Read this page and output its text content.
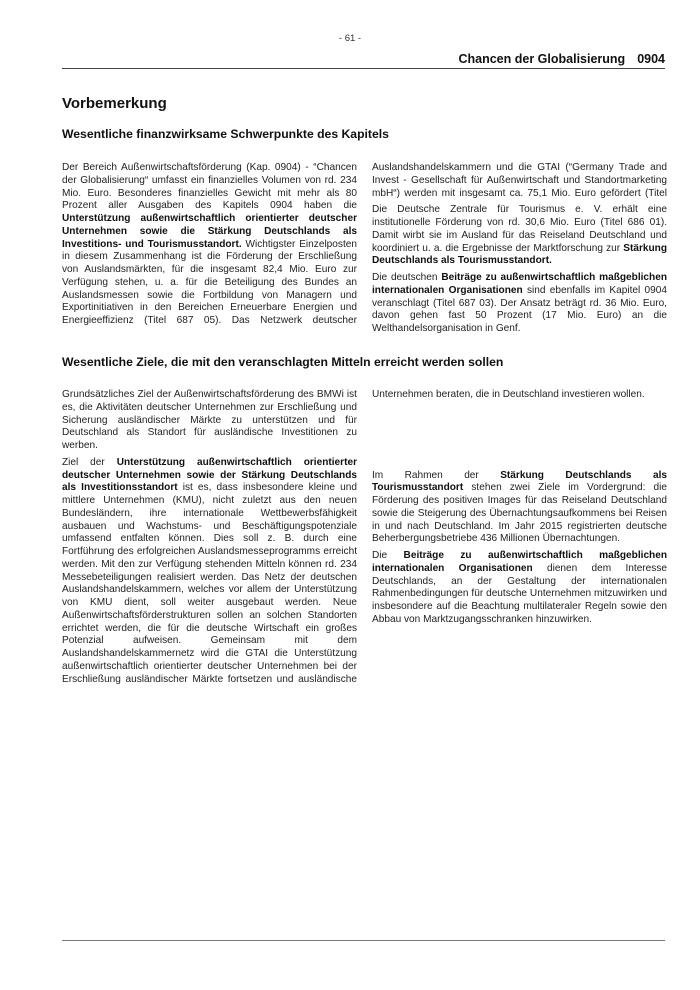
- 61 -
Chancen der Globalisierung 0904
Vorbemerkung
Wesentliche finanzwirksame Schwerpunkte des Kapitels

Der Bereich Außenwirtschaftsförderung (Kap. 0904) - “Chancen der Globalisierung“ umfasst ein finanzielles Volumen von rd. 234 Mio. Euro. Besonderes finanzielles Gewicht mit mehr als 80 Prozent aller Ausgaben des Kapitels 0904 haben die Unterstützung außenwirtschaftlich orientierter deutscher Unternehmen sowie die Stärkung Deutschlands als Investitions- und Tourismusstandort. Wichtigster Einzelposten in diesem Zusammenhang ist die Förderung der Erschließung von Auslandsmärkten, für die insgesamt 82,4 Mio. Euro zur Verfügung stehen, u. a. für die Beteiligung des Bundes an Auslandsmessen sowie die Fortbildung von Managern und Exportinitiativen in den Bereichen Erneuerbare Energien und Energieeffizienz (Titel 687 05). Das Netzwerk deutscher

Auslandshandelskammern und die GTAI (“Germany Trade and Invest - Gesellschaft für Außenwirtschaft und Standortmarketing mbH“) werden mit insgesamt ca. 75,1 Mio. Euro gefördert (Titel

Die Deutsche Zentrale für Tourismus e. V. erhält eine institutionelle Förderung von rd. 30,6 Mio. Euro (Titel 686 01). Damit wirbt sie im Ausland für das Reiseland Deutschland und koordiniert u. a. die Ergebnisse der Marktforschung zur Stärkung Deutschlands als Tourismusstandort.

Die deutschen Beiträge zu außenwirtschaftlich maßgeblichen internationalen Organisationen sind ebenfalls im Kapitel 0904 veranschlagt (Titel 687 03). Der Ansatz beträgt rd. 36 Mio. Euro, davon gehen fast 50 Prozent (17 Mio. Euro) an die Welthandelsorganisation in Genf.

Wesentliche Ziele, die mit den veranschlagten Mitteln erreicht werden sollen

Grundsätzliches Ziel der Außenwirtschaftsförderung des BMWi ist es, die Aktivitäten deutscher Unternehmen zur Erschließung und Sicherung ausländischer Märkte zu unterstützen und für Deutschland als Standort für ausländische Investitionen zu werben.

Ziel der Unterstützung außenwirtschaftlich orientierter deutscher Unternehmen sowie der Stärkung Deutschlands als Investitionsstandort ist es, dass insbesondere kleine und mittlere Unternehmen (KMU), nicht zuletzt aus den neuen Bundesländern, ihre internationale Wettbewerbsfähigkeit ausbauen und Wachstums- und Beschäftigungspotenziale umfassend entfalten können. Dies soll z. B. durch eine Fortführung des erfolgreichen Auslandsmesseprogramms erreicht werden. Mit den zur Verfügung stehenden Mitteln können rd. 234 Messebeteiligungen realisiert werden. Das Netz der deutschen Auslandshandelskammern, welches vor allem der Unterstützung von KMU dient, soll weiter ausgebaut werden. Neue Außenwirtschaftsförderstrukturen sollen an solchen Standorten errichtet werden, die für die deutsche Wirtschaft ein großes Potenzial aufweisen. Gemeinsam mit dem Auslandshandelskammernetz wird die GTAI die Unterstützung außenwirtschaftlich orientierter deutscher Unternehmen bei der Erschließung ausländischer Märkte fortsetzen und ausländische

Unternehmen beraten, die in Deutschland investieren wollen.

Im Rahmen der Stärkung Deutschlands als Tourismusstandort stehen zwei Ziele im Vordergrund: die Förderung des positiven Images für das Reiseland Deutschland sowie die Steigerung des Übernachtungsaufkommens bei Reisen in und nach Deutschland. Im Jahr 2015 registrierten deutsche Beherbergungsbetriebe 436 Millionen Übernachtungen.

Die Beiträge zu außenwirtschaftlich maßgeblichen internationalen Organisationen dienen dem Interesse Deutschlands, an der Gestaltung der internationalen Rahmenbedingungen für deutsche Unternehmen mitzuwirken und insbesondere auf die Beachtung multilateraler Regeln sowie den Abbau von Marktzugangsschranken hinzuwirken.
